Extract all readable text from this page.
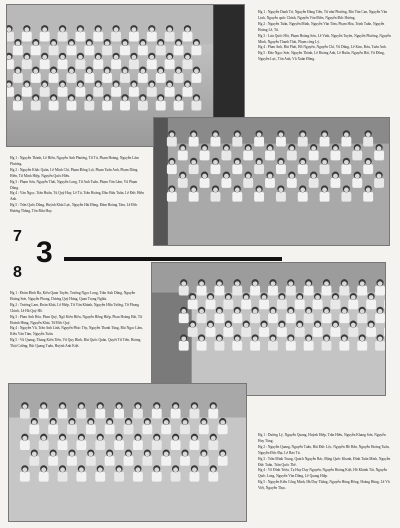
Hg 1 : Nguyễn Danh Trí, Nguyễn Đăng Tiến, Từ như Phương, Bùi Văn Can, Nguyễn Văn Lịnh, Nguyễn quốc Chính, Nguyễn Văn Điền, Nguyễn Đức Hương.

Hg 2 : Nguyễn Tuấn, Nguyễn Minh, Nguyễn Văn Tâm, Phạm Hòa, Trịnh Tuấn, Nguyễn Hoàng Lê, Tú.

Hg 3 : Lưu Quốc Hồi, Phạm Hoàng Sơn, Lê Vinh, Nguyễn Tuyên, Nguyễn Phương, Nguyễn Minh, Nguyễn Thanh Thái, Phạm công Lý.

Hg 4 : Phan Anh, Bùi Phát, Hồ Nguyên, Nguyễn Chí, Vũ Dũng, Lê Kim, Bưu, Tuấn Anh.

Hg 5 : Đào Ngọc Sơn, Nguyễn Thành, Lê Hoàng Anh, Lê Huấn, Nguyễn Hải, Vũ Đồng, Nguyễn Lực, Tôn Anh, Vũ Xuân Đồng.

Hg 1 : Nguyễn Thành, Lê Hiền, Nguyễn Anh Phương, Từ Tú, Phạm Hoàng, Nguyễn Lâm Phương.

Hg 2 : Nguyễn Khắc Quân, Lê Minh Chí, Phạm Đông Lợi, Phạm Tuấn Anh, Phạm Dũng Hiền, Từ Minh Hiệp, Nguyễn Quốc Hiếu.

Hg 3 : Phạm Sơn, Nguyễn Thái, Nguyễn Long, Từ Anh Tuấn, Phạm Văn Lâm, Vũ Phạm Dũng.

Hg 4 : Văn Ngọc, Trần Huấn, Tú Quý Huy, Lê Tú, Trần Hoàng, Đào Bửu Tuấn, Lê Đức Hiền Anh.

Hg 5 : Trần Quốc Dũng, Huỳnh Khải Lực, Nguyễn Hải Đăng, Đàm Hoàng Tâm, Lê Đức Hương Thắng, Tôn Bửu Huy.

Hg 1 : Đoàn Đình Hạ, Kiều Quan Tuyến, Trương Ngọc Long, Trần Anh Dũng, Nguyễn Hoàng Sơn, Nguyễn Phong, Dương Quý Hưng, Quan Trọng Nghĩa.

Hg 2 : Trương Lam, Đoàn Khải, Lê Hiệp, Từ Văn Khánh, Nguyễn Hữu Tường, Từ Phong Chính, Lê Hà Quý Hồ.

Hg 3 : Phan Anh Hòa, Phan Quý, Ngô Kiến Hiếu, Nguyễn Hồng Hiệp, Phan Hoàng Hải, Từ Hoành Hùng, Nguyễn Khải, Từ Đức Quý.

Hg 4 : Nguyễn Vũ, Trần Anh Linh, Nguyễn Phúc Thy, Nguyễn Thanh Tùng, Bùi Ngọc Lâm, Kiều Văn Tám, Nguyễn Tuấn.

Hg 5 : Vũ Quang, Thang Kiến Tiến, Vũ Quy Bình, Bùi Quốc Quân, Quyết Từ Tiến, Hoàng Thái Cường, Bùi Quang Tuấn, Huỳnh Anh Kiệt.

Hg 1 : Dương Lý, Nguyễn Quang, Huỳnh Hiệp, Trần Hiếu, Nguyễn Khang Sơn, Nguyễn Huy Tùng.

Hg 2 : Nguyễn Quang, Nguyễn Tuấn, Bùi Đức Lộc, Nguyễn Hồ Hân, Nguyễn Hoàng Tuấn, Nguyễn Đức Đạt, Lê Bảo Tú.

Hg 3 : Trần Minh Trung, Quách Nguyễn Bác, Đặng Quốc Khanh, Đinh Tuấn Minh, Nguyễn Đức Tuấn, Trần Quốc Thể.

Hg 4 : Võ Đình Triệu, Tạ Huy Duy Nguyên, Nguyễn Hoàng Kiệt, Hồ Khánh Tài, Nguyễn Quốc Long, Nguyễn Văn Dũng, Lê Quang Hiệp.

Hg 5 : Nguyễn Kiều Công Minh, Hà Duy Thắng, Nguyễn Hùng Đông, Hoàng Hùng, Lê Vũ Việt, Nguyễn Thạc.

7 3
8
